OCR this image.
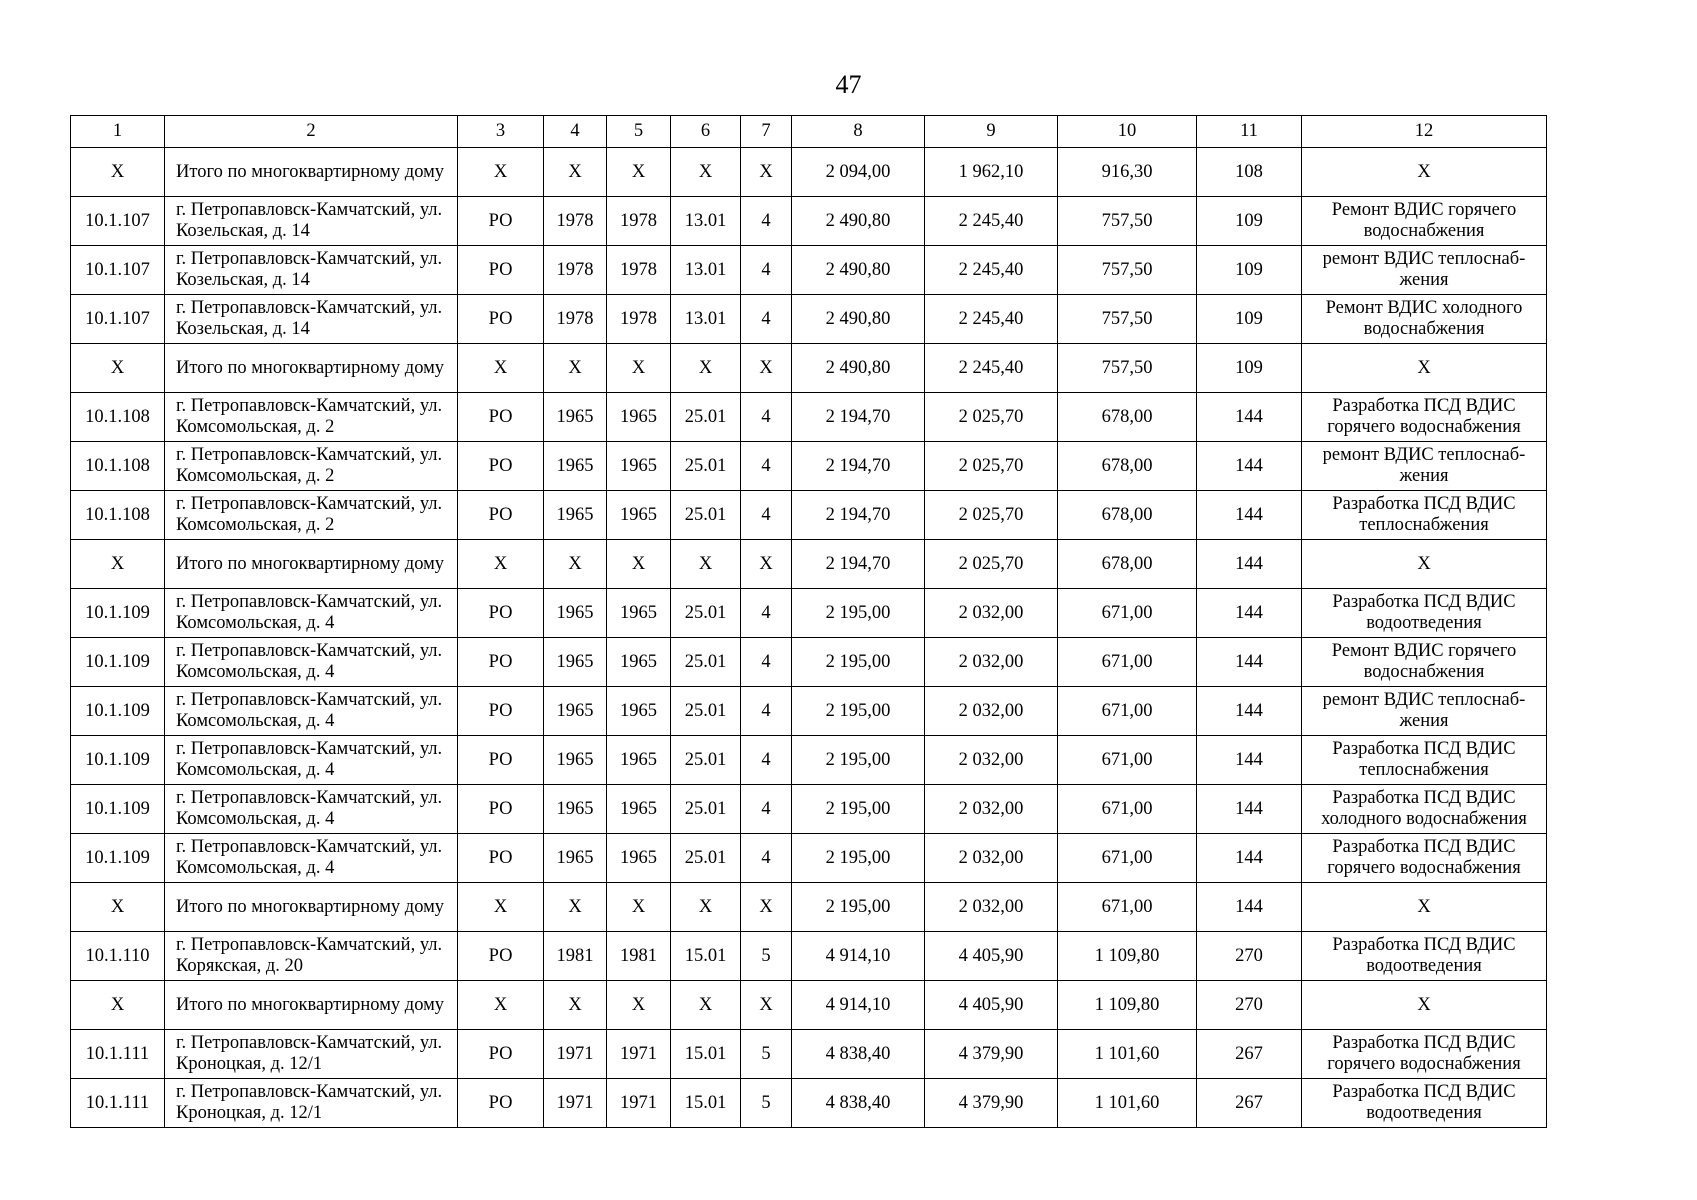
47
1	2	3	4	5	6	7	8	9	10	11	12
X	Итого по многоквартирному дому	X	X	X	X	X	2 094,00	1 962,10	916,30	108	X
10.1.107	г. Петропавловск-Камчатский, ул. Козельская, д. 14	РО	1978	1978	13.01	4	2 490,80	2 245,40	757,50	109	Ремонт ВДИС горячего водоснабжения
10.1.107	г. Петропавловск-Камчатский, ул. Козельская, д. 14	РО	1978	1978	13.01	4	2 490,80	2 245,40	757,50	109	ремонт ВДИС теплоснаб-жения
10.1.107	г. Петропавловск-Камчатский, ул. Козельская, д. 14	РО	1978	1978	13.01	4	2 490,80	2 245,40	757,50	109	Ремонт ВДИС холодного водоснабжения
X	Итого по многоквартирному дому	X	X	X	X	X	2 490,80	2 245,40	757,50	109	X
10.1.108	г. Петропавловск-Камчатский, ул. Комсомольская, д. 2	РО	1965	1965	25.01	4	2 194,70	2 025,70	678,00	144	Разработка ПСД ВДИС горячего водоснабжения
10.1.108	г. Петропавловск-Камчатский, ул. Комсомольская, д. 2	РО	1965	1965	25.01	4	2 194,70	2 025,70	678,00	144	ремонт ВДИС теплоснаб-жения
10.1.108	г. Петропавловск-Камчатский, ул. Комсомольская, д. 2	РО	1965	1965	25.01	4	2 194,70	2 025,70	678,00	144	Разработка ПСД ВДИС теплоснабжения
X	Итого по многоквартирному дому	X	X	X	X	X	2 194,70	2 025,70	678,00	144	X
10.1.109	г. Петропавловск-Камчатский, ул. Комсомольская, д. 4	РО	1965	1965	25.01	4	2 195,00	2 032,00	671,00	144	Разработка ПСД ВДИС водоотведения
10.1.109	г. Петропавловск-Камчатский, ул. Комсомольская, д. 4	РО	1965	1965	25.01	4	2 195,00	2 032,00	671,00	144	Ремонт ВДИС горячего водоснабжения
10.1.109	г. Петропавловск-Камчатский, ул. Комсомольская, д. 4	РО	1965	1965	25.01	4	2 195,00	2 032,00	671,00	144	ремонт ВДИС теплоснаб-жения
10.1.109	г. Петропавловск-Камчатский, ул. Комсомольская, д. 4	РО	1965	1965	25.01	4	2 195,00	2 032,00	671,00	144	Разработка ПСД ВДИС теплоснабжения
10.1.109	г. Петропавловск-Камчатский, ул. Комсомольская, д. 4	РО	1965	1965	25.01	4	2 195,00	2 032,00	671,00	144	Разработка ПСД ВДИС холодного водоснабжения
10.1.109	г. Петропавловск-Камчатский, ул. Комсомольская, д. 4	РО	1965	1965	25.01	4	2 195,00	2 032,00	671,00	144	Разработка ПСД ВДИС горячего водоснабжения
X	Итого по многоквартирному дому	X	X	X	X	X	2 195,00	2 032,00	671,00	144	X
10.1.110	г. Петропавловск-Камчатский, ул. Корякская, д. 20	РО	1981	1981	15.01	5	4 914,10	4 405,90	1 109,80	270	Разработка ПСД ВДИС водоотведения
X	Итого по многоквартирному дому	X	X	X	X	X	4 914,10	4 405,90	1 109,80	270	X
10.1.111	г. Петропавловск-Камчатский, ул. Кроноцкая, д. 12/1	РО	1971	1971	15.01	5	4 838,40	4 379,90	1 101,60	267	Разработка ПСД ВДИС горячего водоснабжения
10.1.111	г. Петропавловск-Камчатский, ул. Кроноцкая, д. 12/1	РО	1971	1971	15.01	5	4 838,40	4 379,90	1 101,60	267	Разработка ПСД ВДИС водоотведения
